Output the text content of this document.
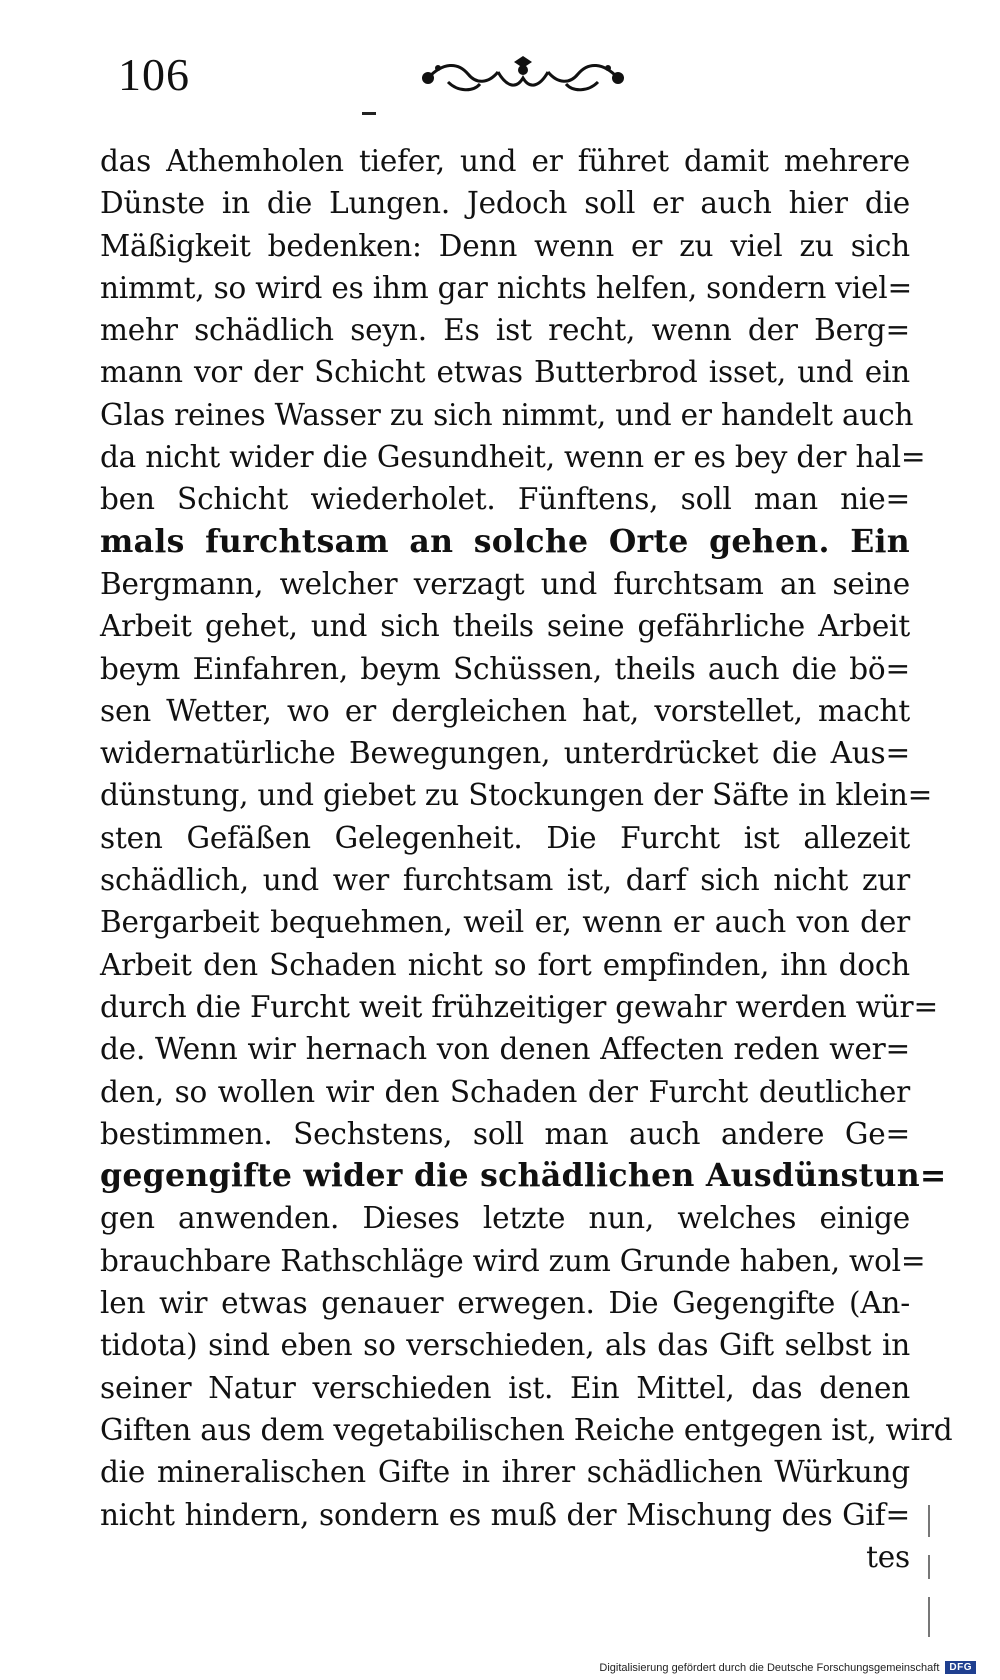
106
das Athemholen tiefer, und er führet damit mehrere
Dünste in die Lungen. Jedoch soll er auch hier die
Mäßigkeit bedenken: Denn wenn er zu viel zu sich
nimmt, so wird es ihm gar nichts helfen, sondern viel=
mehr schädlich seyn. Es ist recht, wenn der Berg=
mann vor der Schicht etwas Butterbrod isset, und ein
Glas reines Wasser zu sich nimmt, und er handelt auch
da nicht wider die Gesundheit, wenn er es bey der hal=
ben Schicht wiederholet. Fünftens, soll man nie=
mals furchtsam an solche Orte gehen. Ein
Bergmann, welcher verzagt und furchtsam an seine
Arbeit gehet, und sich theils seine gefährliche Arbeit
beym Einfahren, beym Schüssen, theils auch die bö=
sen Wetter, wo er dergleichen hat, vorstellet, macht
widernatürliche Bewegungen, unterdrücket die Aus=
dünstung, und giebet zu Stockungen der Säfte in klein=
sten Gefäßen Gelegenheit. Die Furcht ist allezeit
schädlich, und wer furchtsam ist, darf sich nicht zur
Bergarbeit bequehmen, weil er, wenn er auch von der
Arbeit den Schaden nicht so fort empfinden, ihn doch
durch die Furcht weit frühzeitiger gewahr werden wür=
de. Wenn wir hernach von denen Affecten reden wer=
den, so wollen wir den Schaden der Furcht deutlicher
bestimmen. Sechstens, soll man auch andere Ge=
gegengifte wider die schädlichen Ausdünstun=
gen anwenden. Dieses letzte nun, welches einige
brauchbare Rathschläge wird zum Grunde haben, wol=
len wir etwas genauer erwegen. Die Gegengifte (An-
tidota) sind eben so verschieden, als das Gift selbst in
seiner Natur verschieden ist. Ein Mittel, das denen
Giften aus dem vegetabilischen Reiche entgegen ist, wird
die mineralischen Gifte in ihrer schädlichen Würkung
nicht hindern, sondern es muß der Mischung des Gif=
tes
Digitalisierung gefördert durch die Deutsche Forschungsgemeinschaft	DFG
